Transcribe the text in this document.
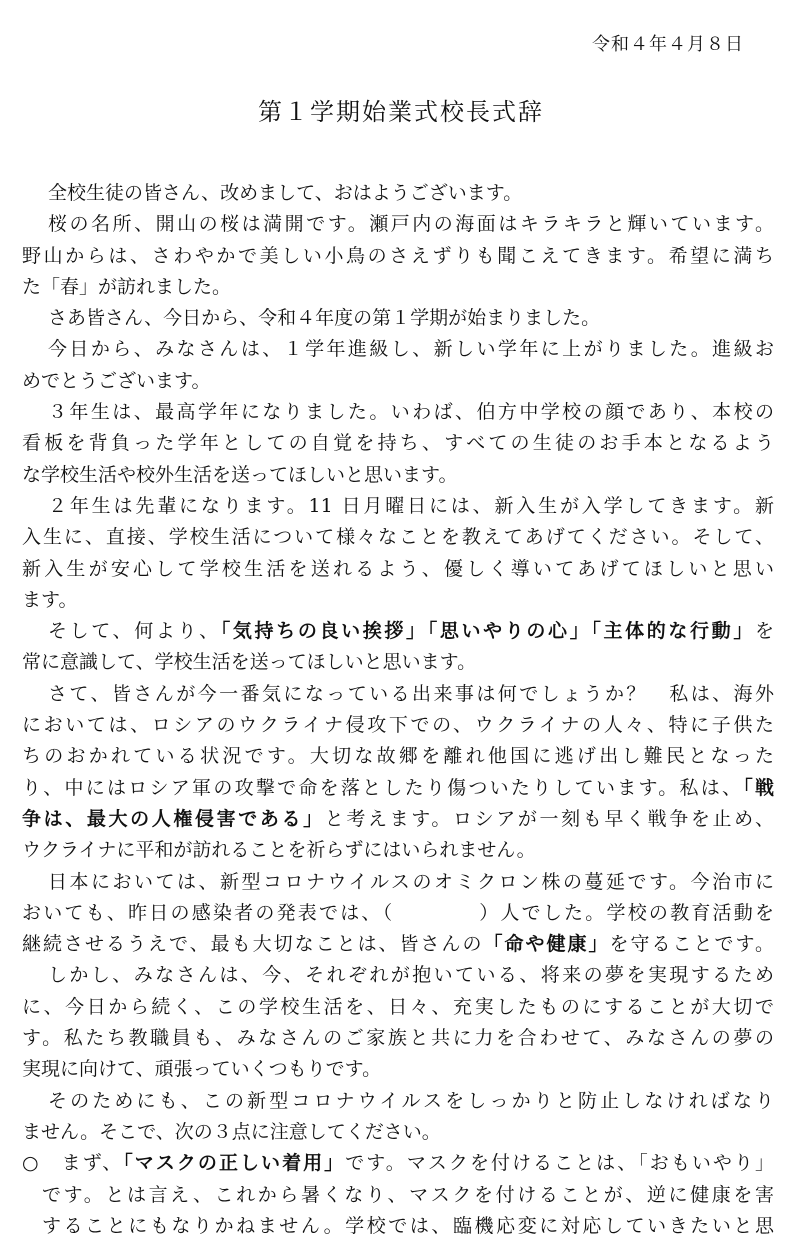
令和４年４月８日
第１学期始業式校長式辞
全校生徒の皆さん、改めまして、おはようございます。
桜の名所、開山の桜は満開です。瀬戸内の海面はキラキラと輝いています。
野山からは、さわやかで美しい小鳥のさえずりも聞こえてきます。希望に満ち
た「春」が訪れました。
さあ皆さん、今日から、令和４年度の第１学期が始まりました。
今日から、みなさんは、１学年進級し、新しい学年に上がりました。進級お
めでとうございます。
３年生は、最高学年になりました。いわば、伯方中学校の顔であり、本校の
看板を背負った学年としての自覚を持ち、すべての生徒のお手本となるよう
な学校生活や校外生活を送ってほしいと思います。
２年生は先輩になります。11 日月曜日には、新入生が入学してきます。新
入生に、直接、学校生活について様々なことを教えてあげてください。そして、
新入生が安心して学校生活を送れるよう、優しく導いてあげてほしいと思い
ます。
そして、何より、「気持ちの良い挨拶」「思いやりの心」「主体的な行動」を
常に意識して、学校生活を送ってほしいと思います。
さて、皆さんが今一番気になっている出来事は何でしょうか？　私は、海外
においては、ロシアのウクライナ侵攻下での、ウクライナの人々、特に子供た
ちのおかれている状況です。大切な故郷を離れ他国に逃げ出し難民となった
り、中にはロシア軍の攻撃で命を落としたり傷ついたりしています。私は、「戦
争は、最大の人権侵害である」と考えます。ロシアが一刻も早く戦争を止め、
ウクライナに平和が訪れることを祈らずにはいられません。
日本においては、新型コロナウイルスのオミクロン株の蔓延です。今治市に
おいても、昨日の感染者の発表では、（　　　　）人でした。学校の教育活動を
継続させるうえで、最も大切なことは、皆さんの「命や健康」を守ることです。
しかし、みなさんは、今、それぞれが抱いている、将来の夢を実現するため
に、今日から続く、この学校生活を、日々、充実したものにすることが大切で
す。私たち教職員も、みなさんのご家族と共に力を合わせて、みなさんの夢の
実現に向けて、頑張っていくつもりです。
そのためにも、この新型コロナウイルスをしっかりと防止しなければなり
ません。そこで、次の３点に注意してください。
○　まず、「マスクの正しい着用」です。マスクを付けることは、「おもいやり」
です。とは言え、これから暑くなり、マスクを付けることが、逆に健康を害
することにもなりかねません。学校では、臨機応変に対応していきたいと思
